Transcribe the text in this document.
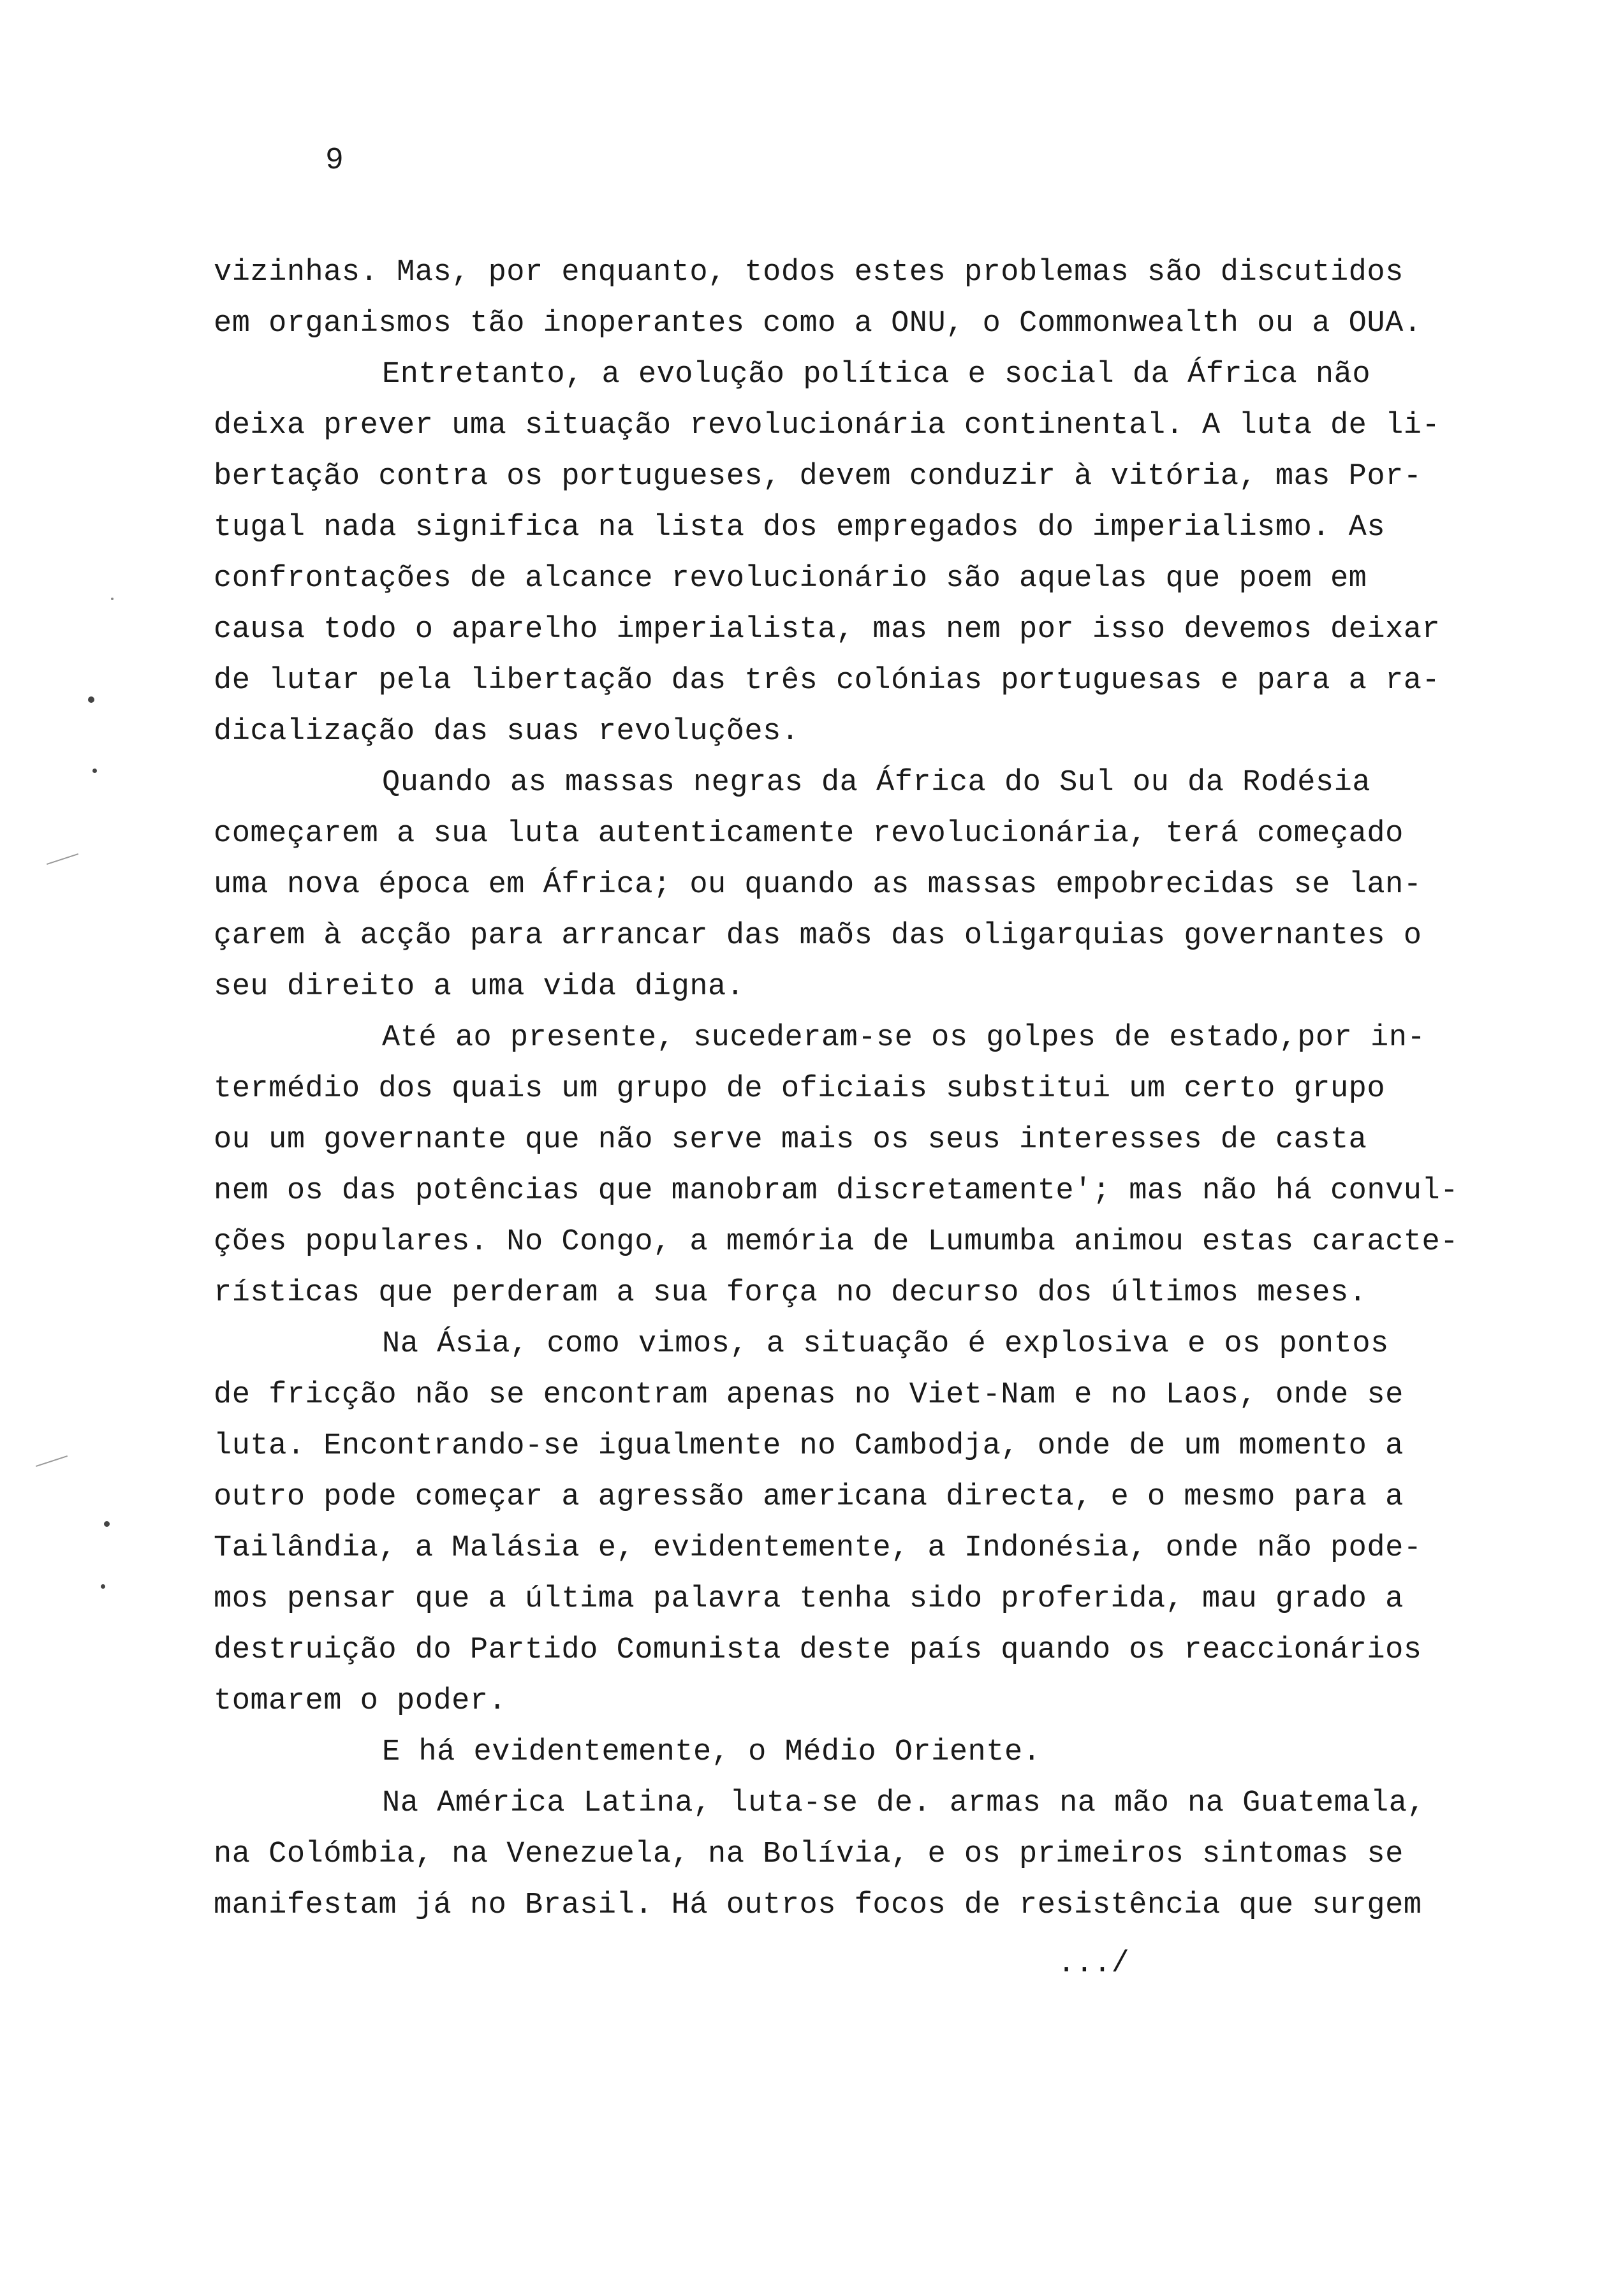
9
vizinhas. Mas, por enquanto, todos estes problemas são discutidos
em organismos tão inoperantes como a ONU, o Commonwealth ou a OUA.
Entretanto, a evolução política e social da África não
deixa prever uma situação revolucionária continental. A luta de li-
bertação contra os portugueses, devem conduzir à vitória, mas Por-
tugal nada significa na lista dos empregados do imperialismo. As
confrontações de alcance revolucionário são aquelas que poem em
causa todo o aparelho imperialista, mas nem por isso devemos deixar
de lutar pela libertação das três colónias portuguesas e para a ra-
dicalização das suas revoluções.
Quando as massas negras da África do Sul ou da Rodésia
começarem a sua luta autenticamente revolucionária, terá começado
uma nova época em África; ou quando as massas empobrecidas se lan-
çarem à acção para arrancar das maõs das oligarquias governantes o
seu direito a uma vida digna.
Até ao presente, sucederam-se os golpes de estado,por in-
termédio dos quais um grupo de oficiais substitui um certo grupo
ou um governante que não serve mais os seus interesses de casta
nem os das potências que manobram discretamente'; mas não há convul-
ções populares. No Congo, a memória de Lumumba animou estas caracte-
rísticas que perderam a sua força no decurso dos últimos meses.
Na Ásia, como vimos, a situação é explosiva e os pontos
de fricção não se encontram apenas no Viet-Nam e no Laos, onde se
luta. Encontrando-se igualmente no Cambodja, onde de um momento a
outro pode começar a agressão americana directa, e o mesmo para a
Tailândia, a Malásia e, evidentemente, a Indonésia, onde não pode-
mos pensar que a última palavra tenha sido proferida, mau grado a
destruição do Partido Comunista deste país quando os reaccionários
tomarem o poder.
E há evidentemente, o Médio Oriente.
Na América Latina, luta-se de. armas na mão na Guatemala,
na Colómbia, na Venezuela, na Bolívia, e os primeiros sintomas se
manifestam já no Brasil. Há outros focos de resistência que surgem
.../
